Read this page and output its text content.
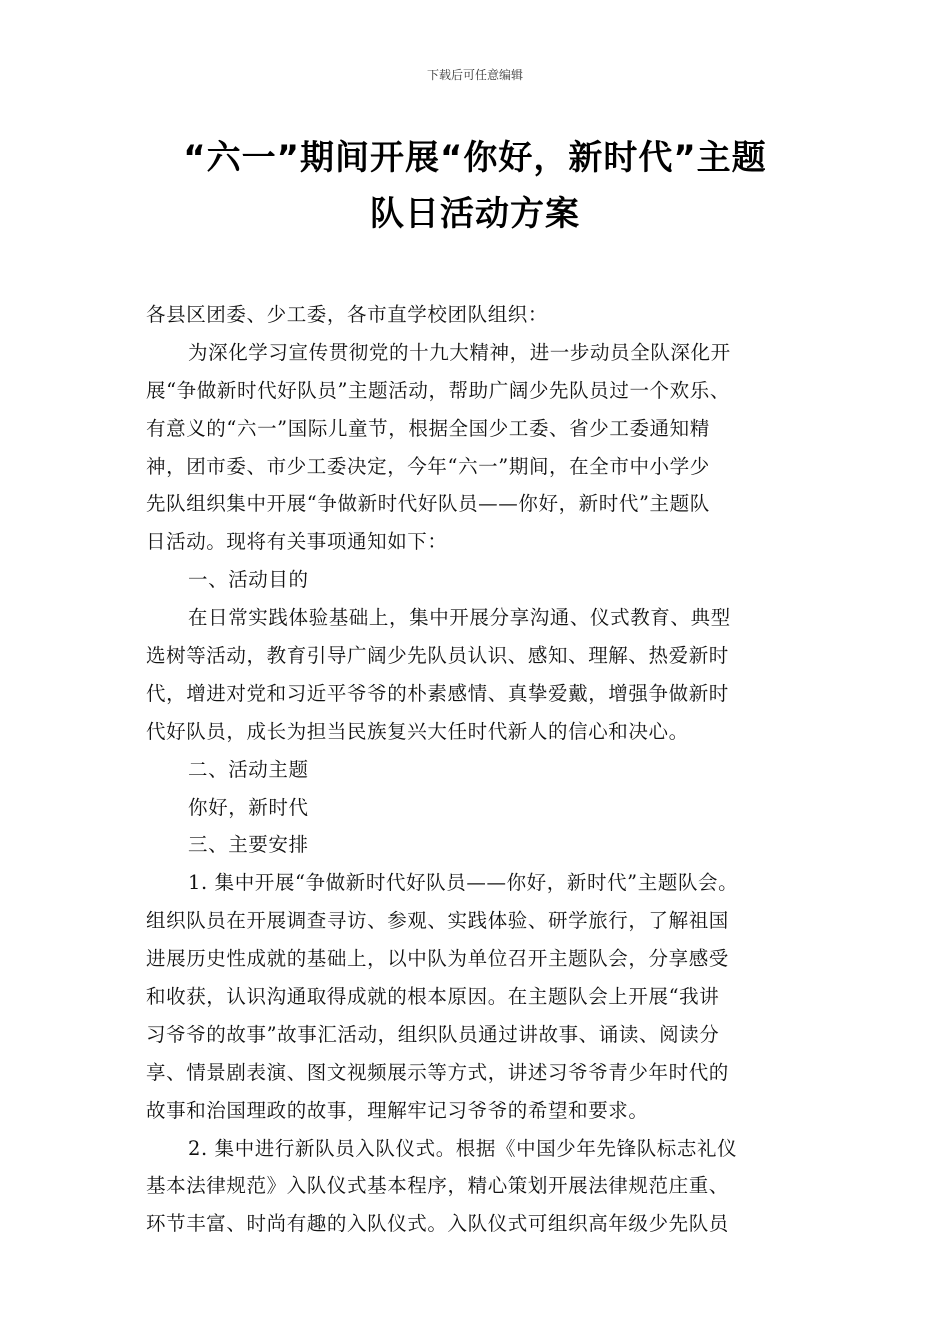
下载后可任意编辑
“六一”期间开展“你好，新时代”主题
队日活动方案
各县区团委、少工委，各市直学校团队组织：
为深化学习宣传贯彻党的十九大精神，进一步动员全队深化开
展“争做新时代好队员”主题活动，帮助广阔少先队员过一个欢乐、
有意义的“六一”国际儿童节，根据全国少工委、省少工委通知精
神，团市委、市少工委决定，今年“六一”期间，在全市中小学少
先队组织集中开展“争做新时代好队员——你好，新时代”主题队
日活动。现将有关事项通知如下：
一、活动目的
在日常实践体验基础上，集中开展分享沟通、仪式教育、典型
选树等活动，教育引导广阔少先队员认识、感知、理解、热爱新时
代，增进对党和习近平爷爷的朴素感情、真挚爱戴，增强争做新时
代好队员，成长为担当民族复兴大任时代新人的信心和决心。
二、活动主题
你好，新时代
三、主要安排
1. 集中开展“争做新时代好队员——你好，新时代”主题队会。
组织队员在开展调查寻访、参观、实践体验、研学旅行，了解祖国
进展历史性成就的基础上，以中队为单位召开主题队会，分享感受
和收获，认识沟通取得成就的根本原因。在主题队会上开展“我讲
习爷爷的故事”故事汇活动，组织队员通过讲故事、诵读、阅读分
享、情景剧表演、图文视频展示等方式，讲述习爷爷青少年时代的
故事和治国理政的故事，理解牢记习爷爷的希望和要求。
2. 集中进行新队员入队仪式。根据《中国少年先锋队标志礼仪
基本法律规范》入队仪式基本程序，精心策划开展法律规范庄重、
环节丰富、时尚有趣的入队仪式。入队仪式可组织高年级少先队员
